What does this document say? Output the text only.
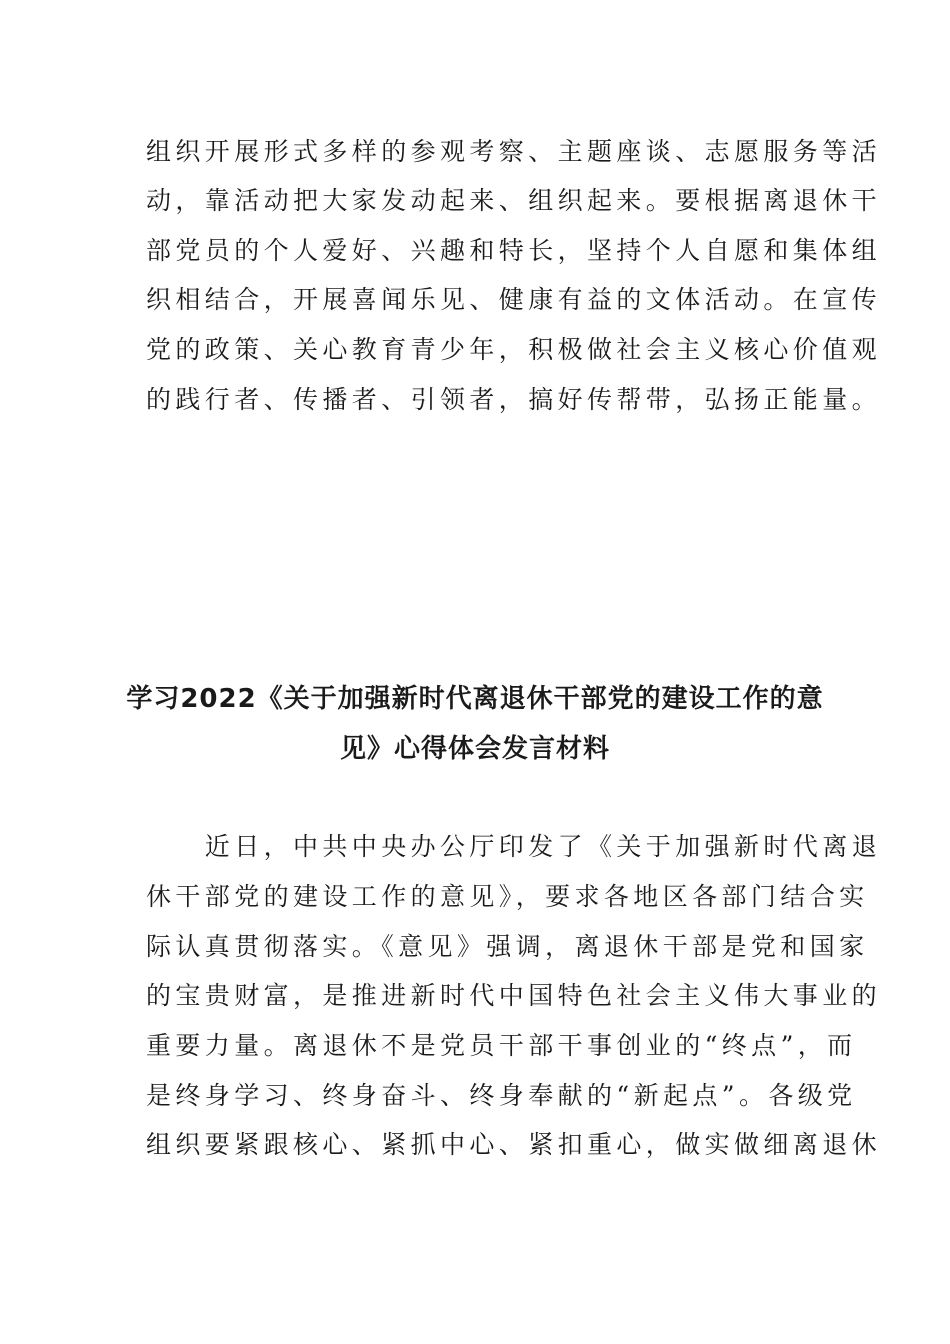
组织开展形式多样的参观考察、主题座谈、志愿服务等活
动，靠活动把大家发动起来、组织起来。要根据离退休干
部党员的个人爱好、兴趣和特长，坚持个人自愿和集体组
织相结合，开展喜闻乐见、健康有益的文体活动。在宣传
党的政策、关心教育青少年，积极做社会主义核心价值观
的践行者、传播者、引领者，搞好传帮带，弘扬正能量。
学习2022《关于加强新时代离退休干部党的建设工作的意
见》心得体会发言材料
　　近日，中共中央办公厅印发了《关于加强新时代离退
休干部党的建设工作的意见》，要求各地区各部门结合实
际认真贯彻落实。《意见》强调，离退休干部是党和国家
的宝贵财富，是推进新时代中国特色社会主义伟大事业的
重要力量。离退休不是党员干部干事创业的“终点”，而
是终身学习、终身奋斗、终身奉献的“新起点”。各级党
组织要紧跟核心、紧抓中心、紧扣重心，做实做细离退休
